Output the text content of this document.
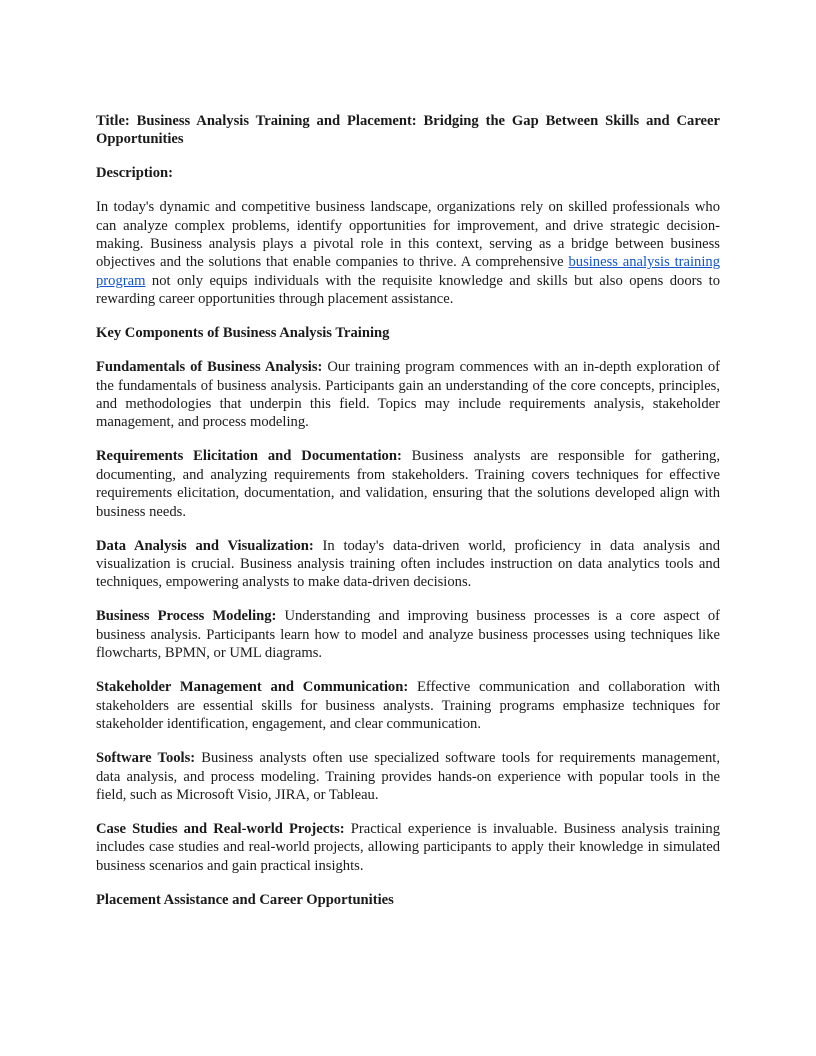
Title: Business Analysis Training and Placement: Bridging the Gap Between Skills and Career Opportunities

Description:

In today's dynamic and competitive business landscape, organizations rely on skilled professionals who can analyze complex problems, identify opportunities for improvement, and drive strategic decision-making. Business analysis plays a pivotal role in this context, serving as a bridge between business objectives and the solutions that enable companies to thrive. A comprehensive business analysis training program not only equips individuals with the requisite knowledge and skills but also opens doors to rewarding career opportunities through placement assistance.

Key Components of Business Analysis Training

Fundamentals of Business Analysis: Our training program commences with an in-depth exploration of the fundamentals of business analysis. Participants gain an understanding of the core concepts, principles, and methodologies that underpin this field. Topics may include requirements analysis, stakeholder management, and process modeling.

Requirements Elicitation and Documentation: Business analysts are responsible for gathering, documenting, and analyzing requirements from stakeholders. Training covers techniques for effective requirements elicitation, documentation, and validation, ensuring that the solutions developed align with business needs.

Data Analysis and Visualization: In today's data-driven world, proficiency in data analysis and visualization is crucial. Business analysis training often includes instruction on data analytics tools and techniques, empowering analysts to make data-driven decisions.

Business Process Modeling: Understanding and improving business processes is a core aspect of business analysis. Participants learn how to model and analyze business processes using techniques like flowcharts, BPMN, or UML diagrams.

Stakeholder Management and Communication: Effective communication and collaboration with stakeholders are essential skills for business analysts. Training programs emphasize techniques for stakeholder identification, engagement, and clear communication.

Software Tools: Business analysts often use specialized software tools for requirements management, data analysis, and process modeling. Training provides hands-on experience with popular tools in the field, such as Microsoft Visio, JIRA, or Tableau.

Case Studies and Real-world Projects: Practical experience is invaluable. Business analysis training includes case studies and real-world projects, allowing participants to apply their knowledge in simulated business scenarios and gain practical insights.

Placement Assistance and Career Opportunities
